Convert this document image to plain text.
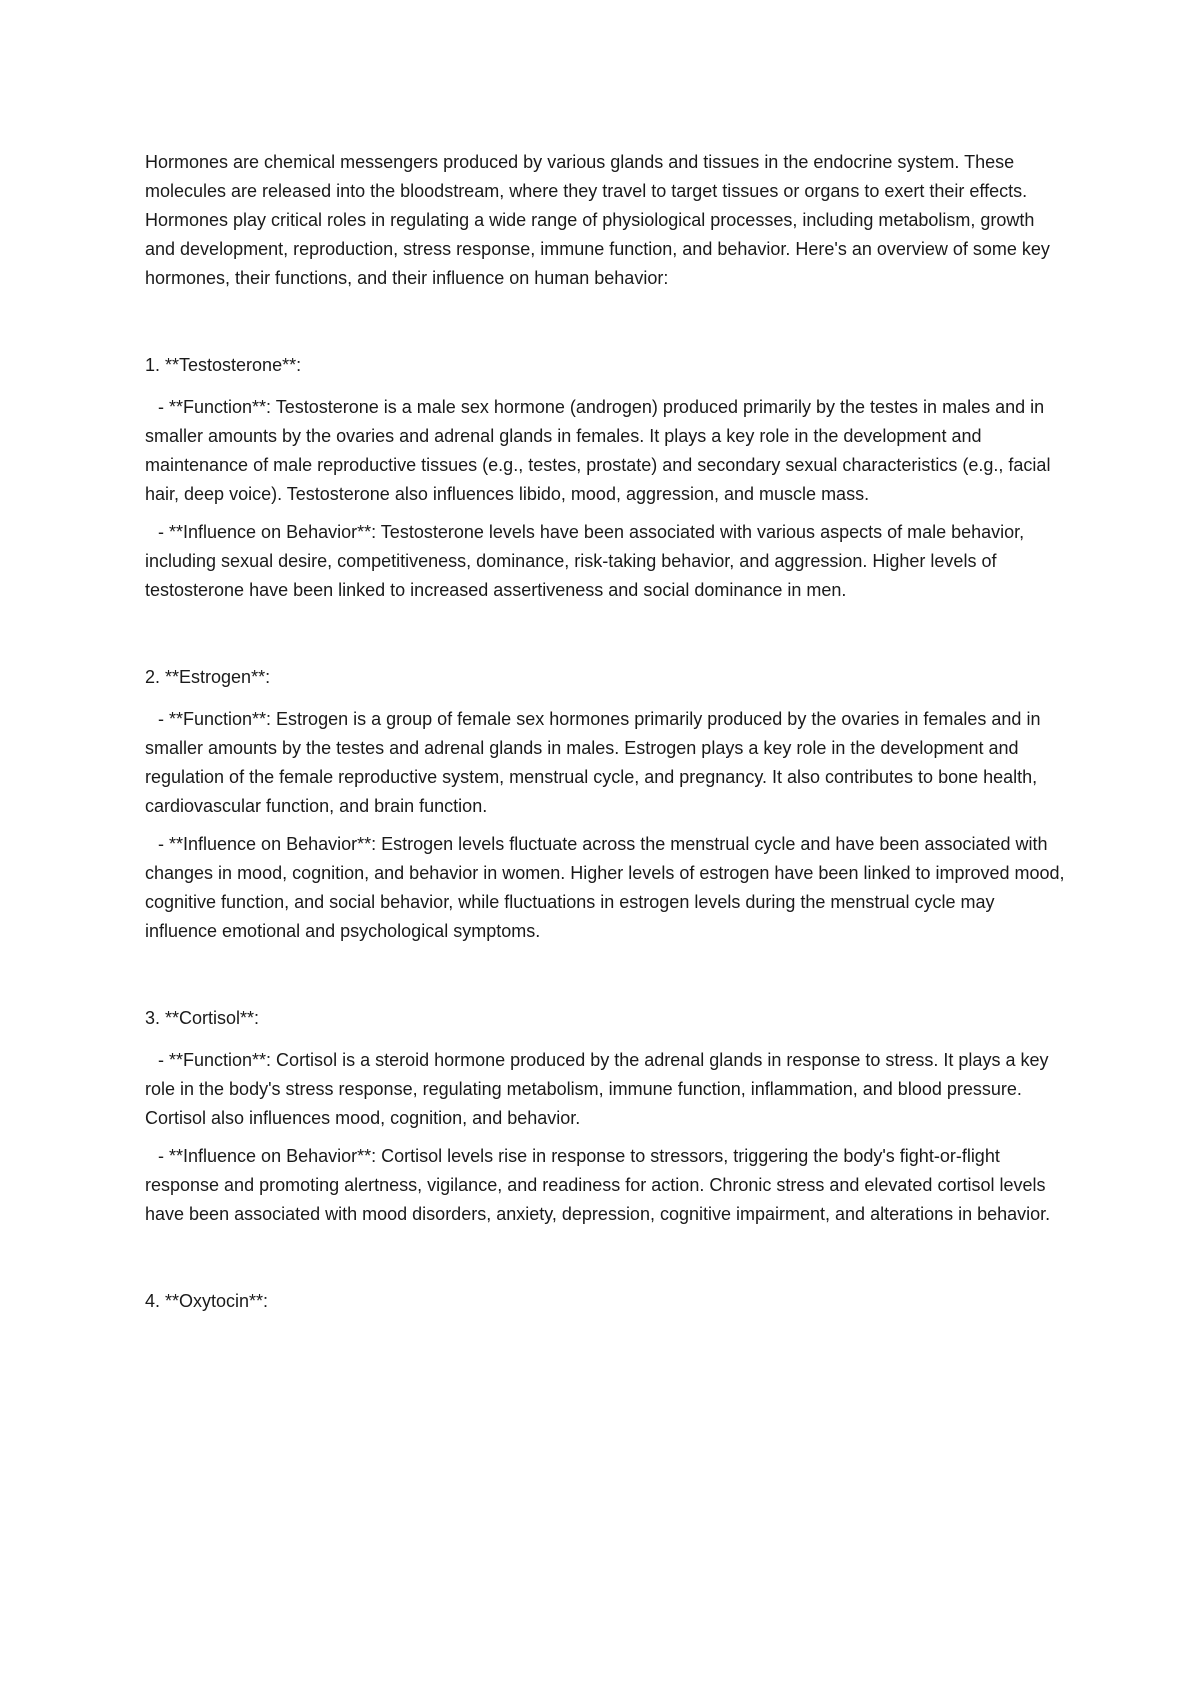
Hormones are chemical messengers produced by various glands and tissues in the endocrine system. These molecules are released into the bloodstream, where they travel to target tissues or organs to exert their effects. Hormones play critical roles in regulating a wide range of physiological processes, including metabolism, growth and development, reproduction, stress response, immune function, and behavior. Here's an overview of some key hormones, their functions, and their influence on human behavior:

1. **Testosterone**:

- **Function**: Testosterone is a male sex hormone (androgen) produced primarily by the testes in males and in smaller amounts by the ovaries and adrenal glands in females. It plays a key role in the development and maintenance of male reproductive tissues (e.g., testes, prostate) and secondary sexual characteristics (e.g., facial hair, deep voice). Testosterone also influences libido, mood, aggression, and muscle mass.

- **Influence on Behavior**: Testosterone levels have been associated with various aspects of male behavior, including sexual desire, competitiveness, dominance, risk-taking behavior, and aggression. Higher levels of testosterone have been linked to increased assertiveness and social dominance in men.

2. **Estrogen**:

- **Function**: Estrogen is a group of female sex hormones primarily produced by the ovaries in females and in smaller amounts by the testes and adrenal glands in males. Estrogen plays a key role in the development and regulation of the female reproductive system, menstrual cycle, and pregnancy. It also contributes to bone health, cardiovascular function, and brain function.

- **Influence on Behavior**: Estrogen levels fluctuate across the menstrual cycle and have been associated with changes in mood, cognition, and behavior in women. Higher levels of estrogen have been linked to improved mood, cognitive function, and social behavior, while fluctuations in estrogen levels during the menstrual cycle may influence emotional and psychological symptoms.

3. **Cortisol**:

- **Function**: Cortisol is a steroid hormone produced by the adrenal glands in response to stress. It plays a key role in the body's stress response, regulating metabolism, immune function, inflammation, and blood pressure. Cortisol also influences mood, cognition, and behavior.

- **Influence on Behavior**: Cortisol levels rise in response to stressors, triggering the body's fight-or-flight response and promoting alertness, vigilance, and readiness for action. Chronic stress and elevated cortisol levels have been associated with mood disorders, anxiety, depression, cognitive impairment, and alterations in behavior.

4. **Oxytocin**:
